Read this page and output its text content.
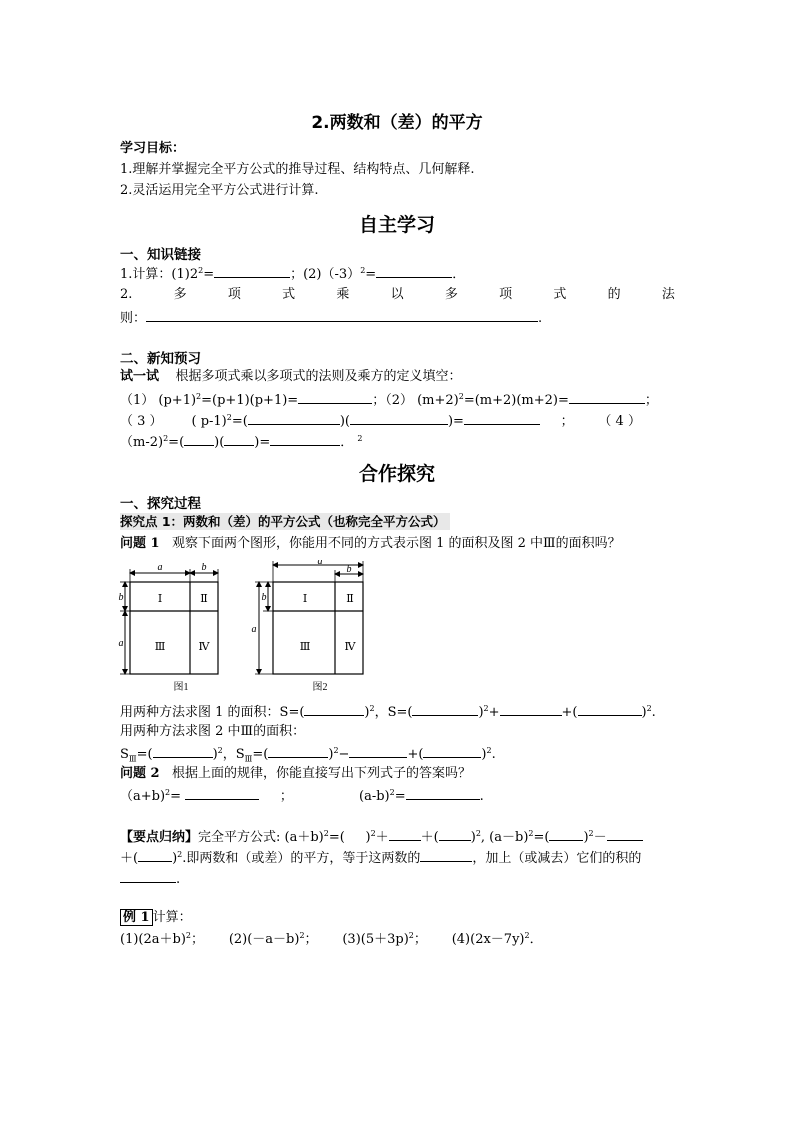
2.两数和（差）的平方
学习目标：
1.理解并掌握完全平方公式的推导过程、结构特点、几何解释.
2.灵活运用完全平方公式进行计算.
自主学习
一、知识链接
1.计算：$(1)2^2=$	；$(2)(-3)^2=$	．
2.	多	项	式	乘	以	多	项	式	的	法
则：	.
二、新知预习
试一试 根据多项式乘以多项式的法则及乘方的定义填空：
（1） $(p+1)^2=(p+1)(p+1)=$	；（2） $(m+2)^2=(m+2)(m+2)=$	；
（ 3 ） ( p-1)$^2$=(	)(	)=	； （ 4 ）
（m-2)$^2$=( )( )=	． $^2$
合作探究
一、探究过程
探究点 1：两数和（差）的平方公式（也称完全平方公式）
问题 1 观察下面两个图形，你能用不同的方式表示图 1 的面积及图 2 中Ⅲ的面积吗？
a	b
b
a
Ⅰ	Ⅱ
Ⅲ	Ⅳ
图1
a
b
b
a
Ⅰ	Ⅱ
Ⅲ	Ⅳ
图2
用两种方法求图 1 的面积：S=(	)$^2$，S=(	)$^2$+	+(	)$^2$.
用两种方法求图 2 中Ⅲ的面积：
$S_Ⅲ=$(	)$^2$，$S_Ⅲ=$(	)$^2$−	+(	)$^2$.
问题 2 根据上面的规律，你能直接写出下列式子的答案吗？
（a+b)$^2$=	；	$(a-b)^2=$	.
【要点归纳】完全平方公式: $(a+b)^2=$( )$^2$＋ ＋( )$^2$, $(a-b)^2=$(	)$^2$－
＋(	)$^2$.即两数和（或差）的平方，等于这两数的	，加上（或减去）它们的积的
.
例 1 计算：
$(1)(2a+b)^2$； $(2)(-a-b)^2$； $(3)(5+3p)^2$； $(4)(2x-7y)^2$．
